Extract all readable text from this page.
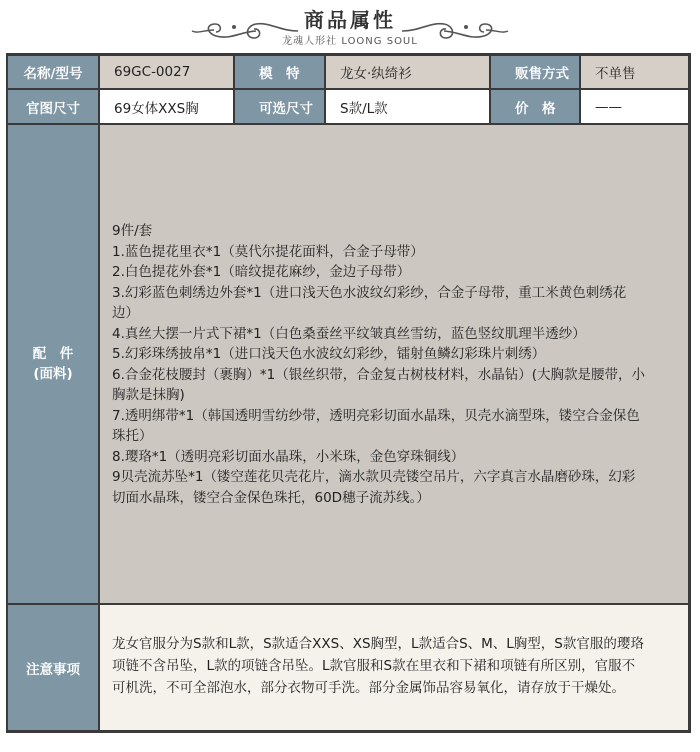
商品属性
龙魂人形社 LOONG SOUL
名称/型号	69GC-0027	模　特	龙女·纨绮衫	贩售方式	不单售
官图尺寸	69女体XXS胸	可选尺寸	S款/L款	价　格	——
配　件
(面料)
9件/套
1.蓝色提花里衣*1（莫代尔提花面料，合金子母带）
2.白色提花外套*1（暗纹提花麻纱，金边子母带）
3.幻彩蓝色刺绣边外套*1（进口浅天色水波纹幻彩纱，合金子母带，重工米黄色刺绣花
边）
4.真丝大摆一片式下裙*1（白色桑蚕丝平纹皱真丝雪纺，蓝色竖纹肌理半透纱）
5.幻彩珠绣披帛*1（进口浅天色水波纹幻彩纱，镭射鱼鳞幻彩珠片刺绣）
6.合金花枝腰封（裹胸）*1（银丝织带，合金复古树枝材料，水晶钻）(大胸款是腰带，小
胸款是抹胸)
7.透明绑带*1（韩国透明雪纺纱带，透明亮彩切面水晶珠，贝壳水滴型珠，镂空合金保色
珠托）
8.璎珞*1（透明亮彩切面水晶珠，小米珠，金色穿珠铜线）
9贝壳流苏坠*1（镂空莲花贝壳花片，滴水款贝壳镂空吊片，六字真言水晶磨砂珠，幻彩
切面水晶珠，镂空合金保色珠托，60D穗子流苏线。）
注意事项
龙女官服分为S款和L款，S款适合XXS、XS胸型，L款适合S、M、L胸型，S款官服的璎珞
项链不含吊坠，L款的项链含吊坠。L款官服和S款在里衣和下裙和项链有所区别，官服不
可机洗，不可全部泡水，部分衣物可手洗。部分金属饰品容易氧化，请存放于干燥处。
